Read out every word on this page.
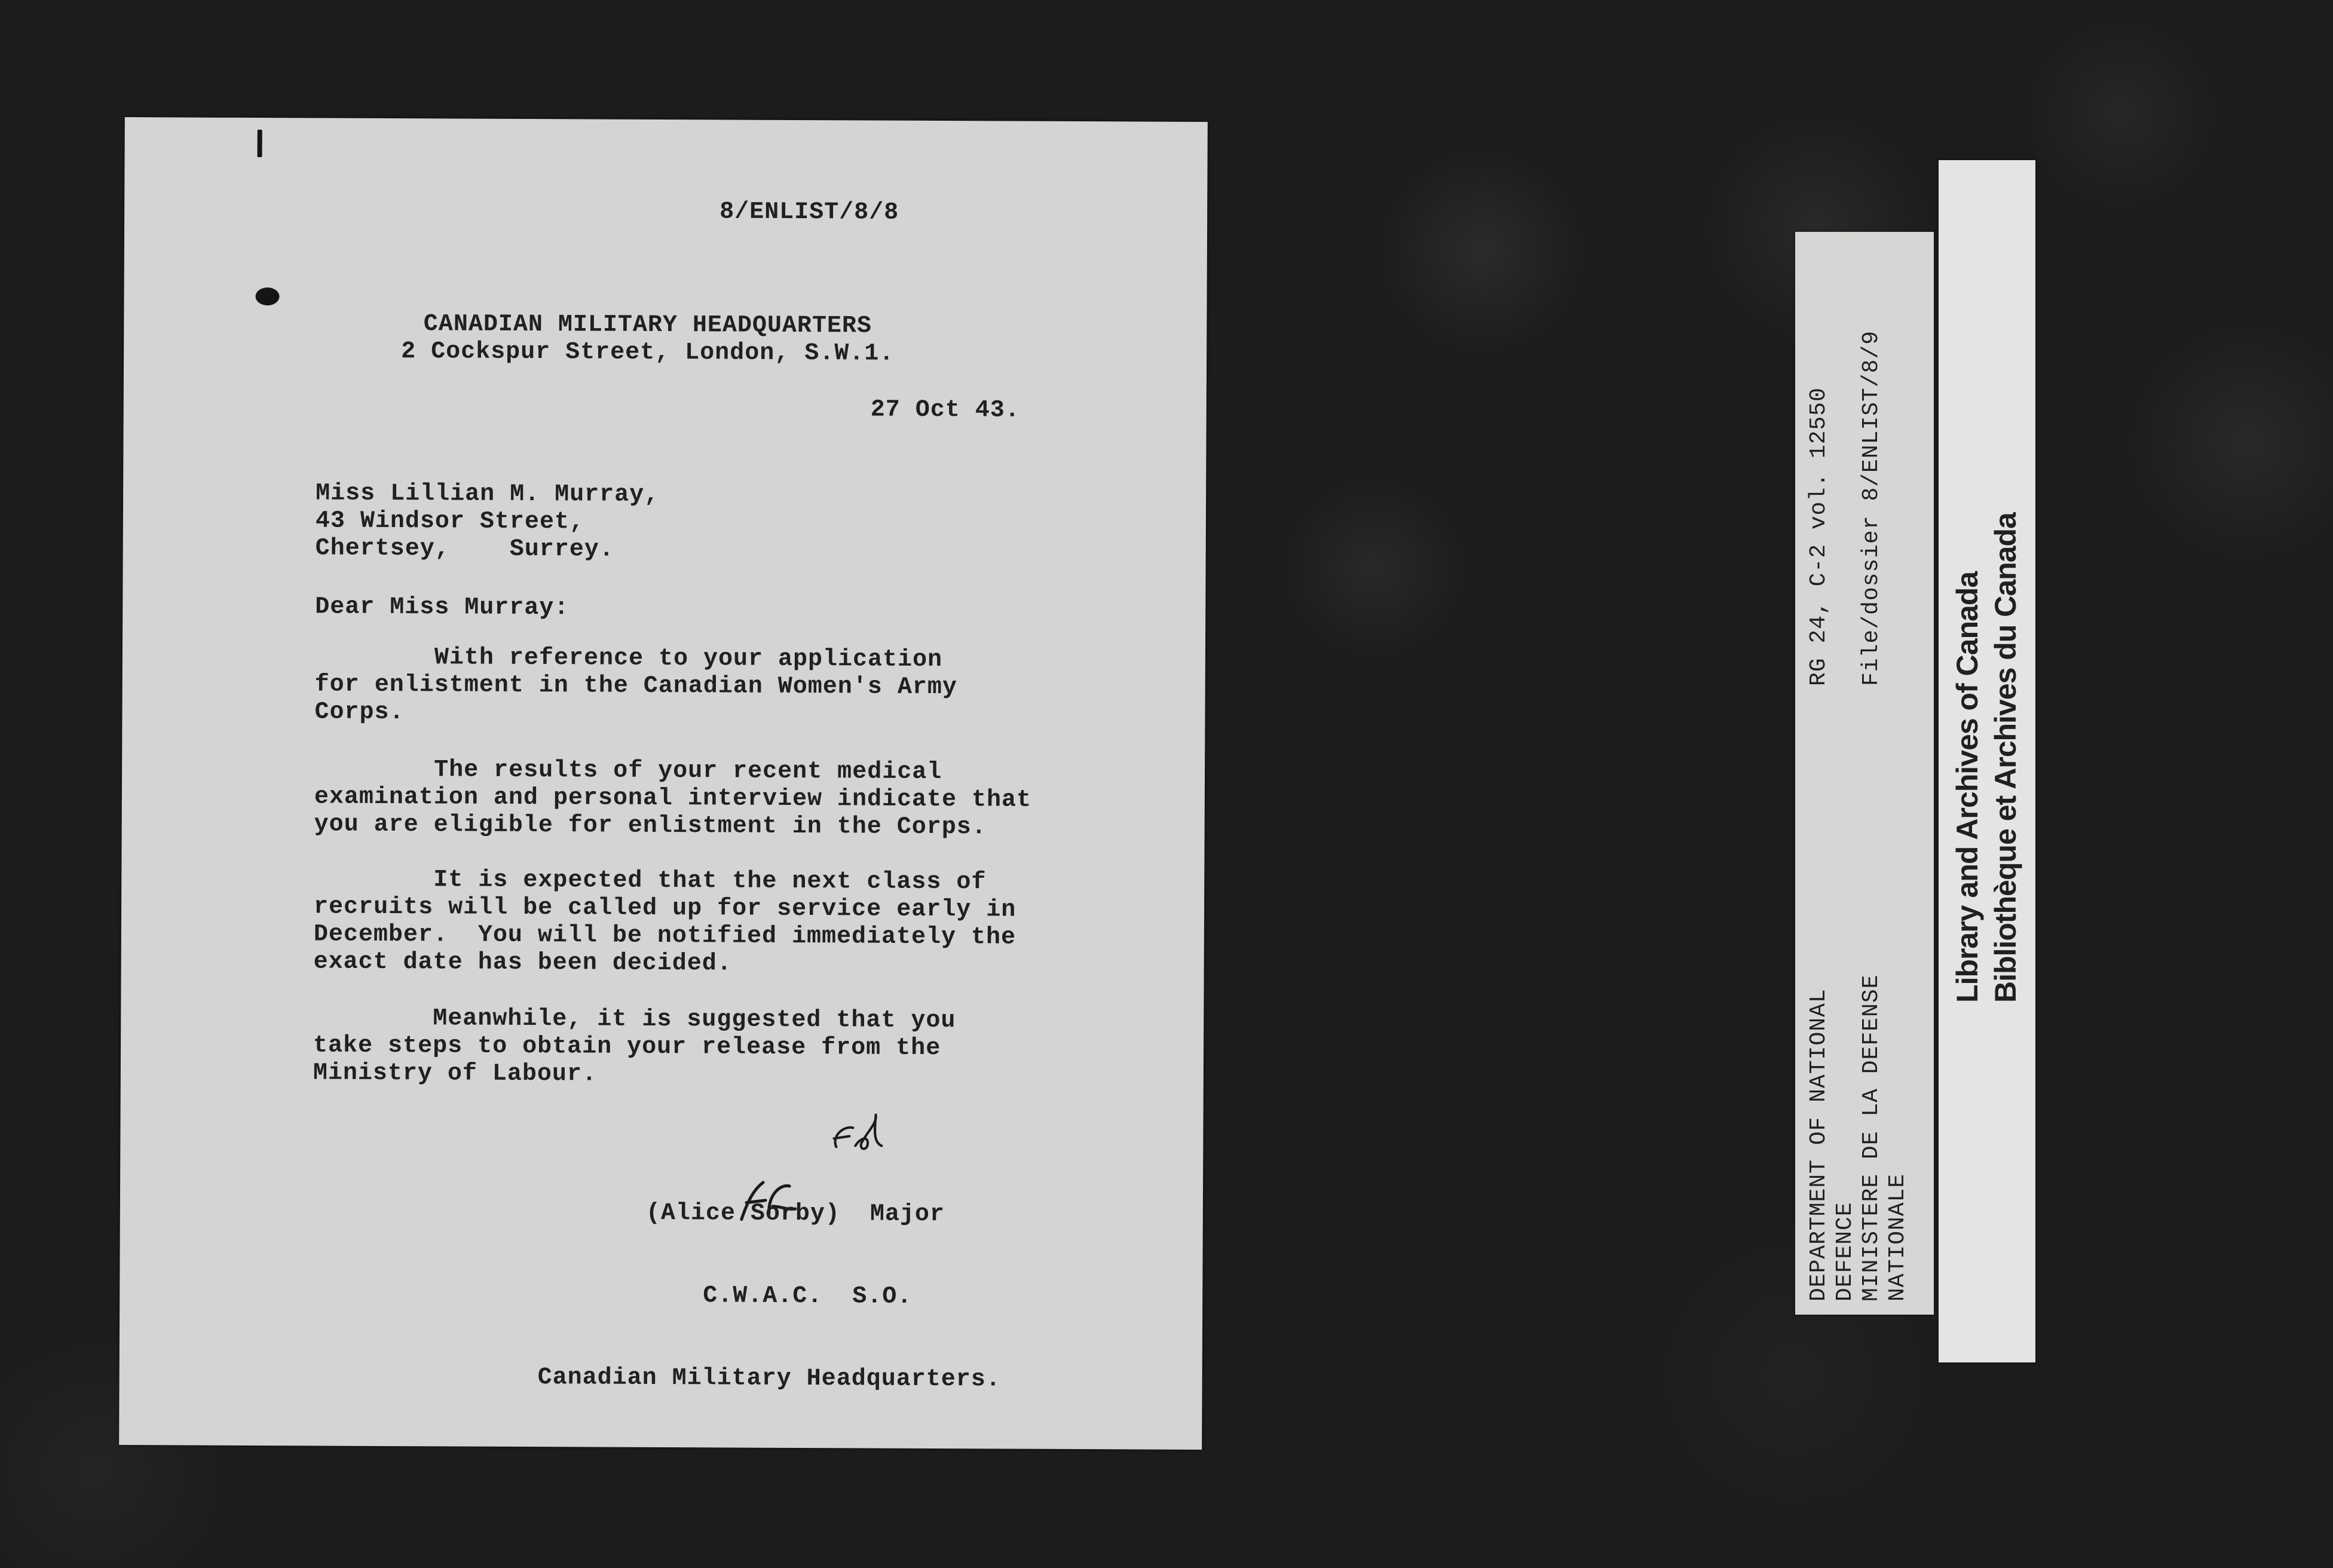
8/ENLIST/8/8
CANADIAN MILITARY HEADQUARTERS
2 Cockspur Street, London, S.W.1.
27 Oct 43.
Miss Lillian M. Murray,
43 Windsor Street,
Chertsey,    Surrey.
Dear Miss Murray:
With reference to your application
for enlistment in the Canadian Women's Army
Corps.
The results of your recent medical
examination and personal interview indicate that
you are eligible for enlistment in the Corps.
It is expected that the next class of
recruits will be called up for service early in
December.  You will be notified immediately the
exact date has been decided.
Meanwhile, it is suggested that you
take steps to obtain your release from the
Ministry of Labour.

(Alice Sorby)  Major

C.W.A.C.  S.O.

Canadian Military Headquarters.

DEPARTMENT OF NATIONAL DEFENCE MINISTERE DE LA DEFENSE NATIONALE
RG 24, C-2 vol. 12550 File/dossier 8/ENLIST/8/9
Library and Archives of Canada Bibliothèque et Archives du Canada
